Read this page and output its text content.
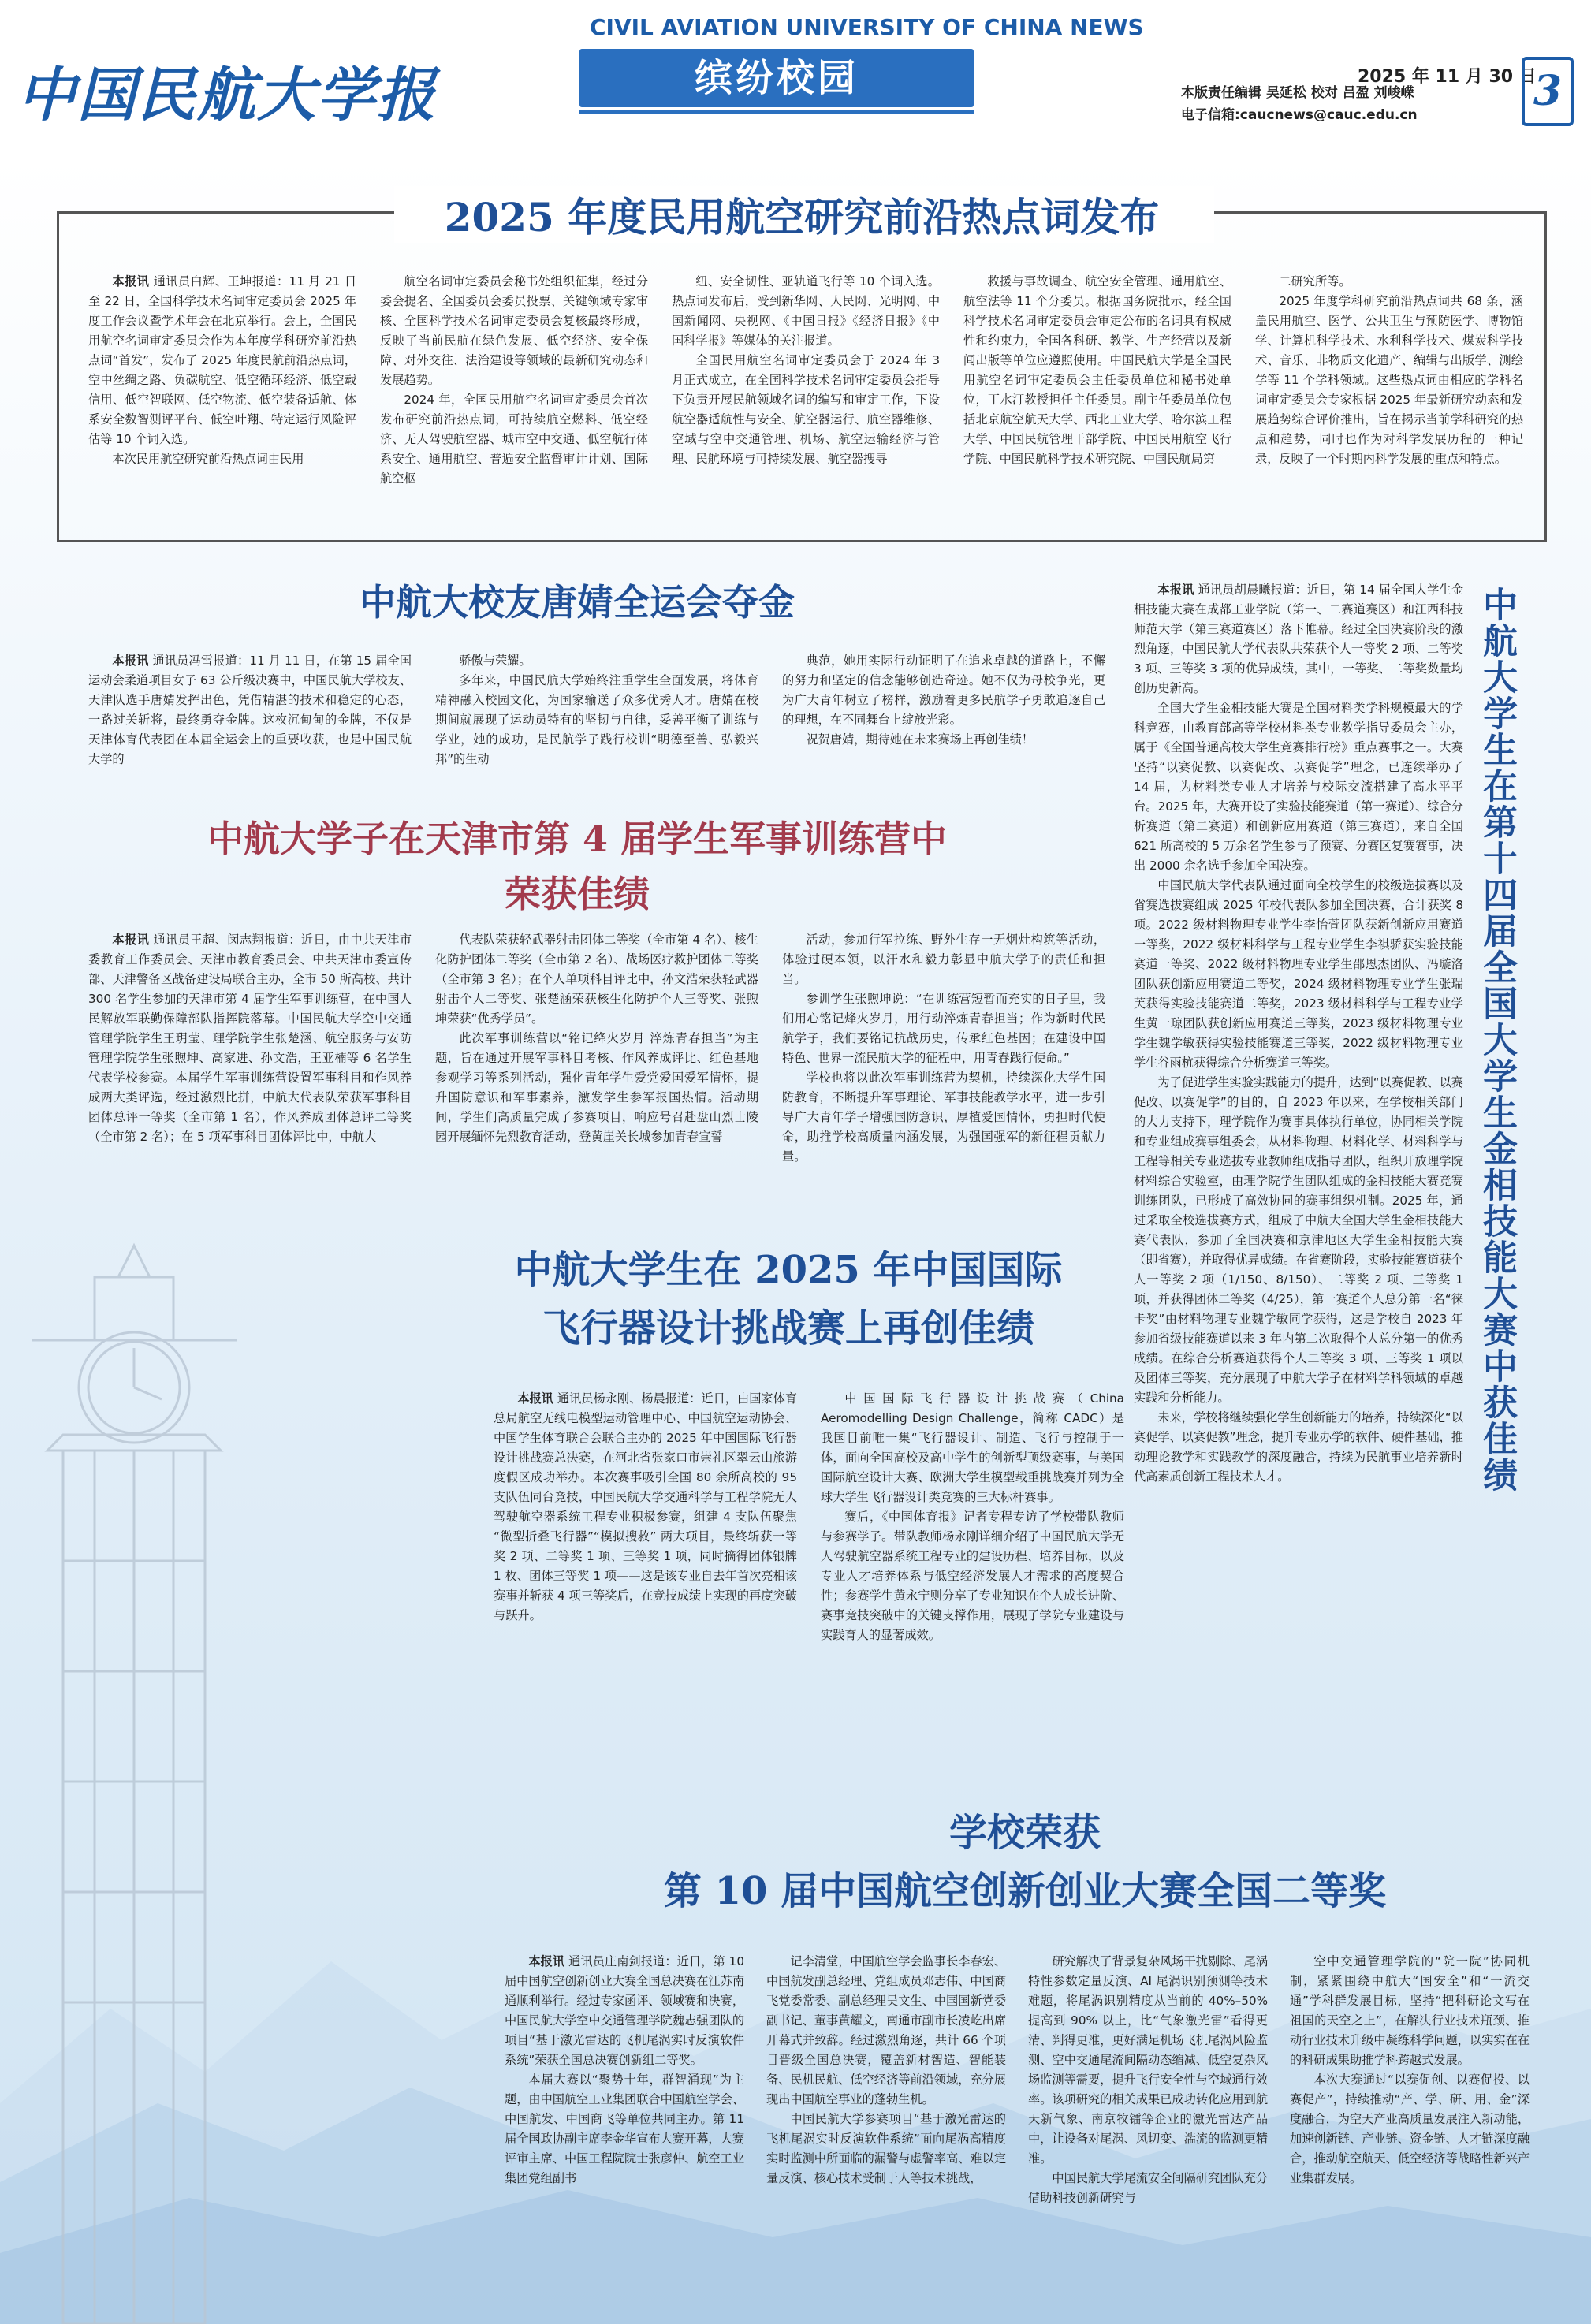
中国民航大学报
CIVIL AVIATION UNIVERSITY OF CHINA NEWS
缤纷校园	2025 年 11 月 30 日
本版责任编辑 吴延松 校对 吕盈 刘峻嵘
电子信箱:caucnews@cauc.edu.cn	3
2025 年度民用航空研究前沿热点词发布

本报讯 通讯员白辉、王坤报道：11 月 21 日至 22 日，全国科学技术名词审定委员会 2025 年度工作会议暨学术年会在北京举行。会上，全国民用航空名词审定委员会作为本年度学科研究前沿热点词“首发”，发布了 2025 年度民航前沿热点词，空中丝绸之路、负碳航空、低空循环经济、低空载信用、低空智联网、低空物流、低空装备适航、体系安全数智测评平台、低空叶翔、特定运行风险评估等 10 个词入选。

本次民用航空研究前沿热点词由民用

航空名词审定委员会秘书处组织征集，经过分委会提名、全国委员会委员投票、关键领域专家审核、全国科学技术名词审定委员会复核最终形成，反映了当前民航在绿色发展、低空经济、安全保障、对外交往、法治建设等领域的最新研究动态和发展趋势。

2024 年，全国民用航空名词审定委员会首次发布研究前沿热点词，可持续航空燃料、低空经济、无人驾驶航空器、城市空中交通、低空航行体系安全、通用航空、普遍安全监督审计计划、国际航空枢

纽、安全韧性、亚轨道飞行等 10 个词入选。热点词发布后，受到新华网、人民网、光明网、中国新闻网、央视网、《中国日报》《经济日报》《中国科学报》等媒体的关注报道。

全国民用航空名词审定委员会于 2024 年 3 月正式成立，在全国科学技术名词审定委员会指导下负责开展民航领域名词的编写和审定工作，下设航空器适航性与安全、航空器运行、航空器维修、空域与空中交通管理、机场、航空运输经济与管理、民航环境与可持续发展、航空器搜寻

救援与事故调查、航空安全管理、通用航空、航空法等 11 个分委员。根据国务院批示，经全国科学技术名词审定委员会审定公布的名词具有权威性和约束力，全国各科研、教学、生产经营以及新闻出版等单位应遵照使用。中国民航大学是全国民用航空名词审定委员会主任委员单位和秘书处单位，丁水汀教授担任主任委员。副主任委员单位包括北京航空航天大学、西北工业大学、哈尔滨工程大学、中国民航管理干部学院、中国民用航空飞行学院、中国民航科学技术研究院、中国民航局第

二研究所等。

2025 年度学科研究前沿热点词共 68 条，涵盖民用航空、医学、公共卫生与预防医学、博物馆学、计算机科学技术、水利科学技术、煤炭科学技术、音乐、非物质文化遗产、编辑与出版学、测绘学等 11 个学科领域。这些热点词由相应的学科名词审定委员会专家根据 2025 年最新研究动态和发展趋势综合评价推出，旨在揭示当前学科研究的热点和趋势，同时也作为对科学发展历程的一种记录，反映了一个时期内科学发展的重点和特点。

中航大校友唐婧全运会夺金

本报讯 通讯员冯雪报道：11 月 11 日，在第 15 届全国运动会柔道项目女子 63 公斤级决赛中，中国民航大学校友、天津队选手唐婧发挥出色，凭借精湛的技术和稳定的心态，一路过关斩将，最终勇夺金牌。这枚沉甸甸的金牌，不仅是天津体育代表团在本届全运会上的重要收获，也是中国民航大学的

骄傲与荣耀。

多年来，中国民航大学始终注重学生全面发展，将体育精神融入校园文化，为国家输送了众多优秀人才。唐婧在校期间就展现了运动员特有的坚韧与自律，妥善平衡了训练与学业，她的成功，是民航学子践行校训“明德至善、弘毅兴邦”的生动

典范，她用实际行动证明了在追求卓越的道路上，不懈的努力和坚定的信念能够创造奇迹。她不仅为母校争光，更为广大青年树立了榜样，激励着更多民航学子勇敢追逐自己的理想，在不同舞台上绽放光彩。

祝贺唐婧，期待她在未来赛场上再创佳绩！

中航大学子在天津市第 4 届学生军事训练营中
荣获佳绩

本报讯 通讯员王超、闵志翔报道：近日，由中共天津市委教育工作委员会、天津市教育委员会、中共天津市委宣传部、天津警备区战备建设局联合主办，全市 50 所高校、共计 300 名学生参加的天津市第 4 届学生军事训练营，在中国人民解放军联勤保障部队指挥院落幕。中国民航大学空中交通管理学院学生王玥莹、理学院学生张楚涵、航空服务与安防管理学院学生张煦坤、高家进、孙文浩，王亚楠等 6 名学生代表学校参赛。本届学生军事训练营设置军事科目和作风养成两大类评选，经过激烈比拼，中航大代表队荣获军事科目团体总评一等奖（全市第 1 名），作风养成团体总评二等奖（全市第 2 名）；在 5 项军事科目团体评比中，中航大

代表队荣获轻武器射击团体二等奖（全市第 4 名）、核生化防护团体二等奖（全市第 2 名）、战场医疗救护团体二等奖（全市第 3 名）；在个人单项科目评比中，孙文浩荣获轻武器射击个人二等奖、张楚涵荣获核生化防护个人三等奖、张煦坤荣获“优秀学员”。

此次军事训练营以“铭记绛火岁月 淬炼青春担当”为主题，旨在通过开展军事科目考核、作风养成评比、红色基地参观学习等系列活动，强化青年学生爱党爱国爱军情怀，提升国防意识和军事素养，激发学生参军报国热情。活动期间，学生们高质量完成了参赛项目，响应号召赴盘山烈士陵园开展缅怀先烈教育活动，登黄崖关长城参加青春宣誓

活动，参加行军拉练、野外生存一无烟灶构筑等活动，体验过硬本领，以汗水和毅力彰显中航大学子的责任和担当。

参训学生张煦坤说：“在训练营短暂而充实的日子里，我们用心铭记烽火岁月，用行动淬炼青春担当；作为新时代民航学子，我们要铭记抗战历史，传承红色基因；在建设中国特色、世界一流民航大学的征程中，用青春践行使命。”

学校也将以此次军事训练营为契机，持续深化大学生国防教育，不断提升军事理论、军事技能教学水平，进一步引导广大青年学子增强国防意识，厚植爱国情怀，勇担时代使命，助推学校高质量内涵发展，为强国强军的新征程贡献力量。

中航大学生在 2025 年中国国际
飞行器设计挑战赛上再创佳绩

本报讯 通讯员杨永刚、杨晨报道：近日，由国家体育总局航空无线电模型运动管理中心、中国航空运动协会、中国学生体育联合会联合主办的 2025 年中国国际飞行器设计挑战赛总决赛，在河北省张家口市崇礼区翠云山旅游度假区成功举办。本次赛事吸引全国 80 余所高校的 95 支队伍同台竞技，中国民航大学交通科学与工程学院无人驾驶航空器系统工程专业积极参赛，组建 4 支队伍聚焦 “微型折叠飞行器”“模拟搜救” 两大项目，最终斩获一等奖 2 项、二等奖 1 项、三等奖 1 项，同时摘得团体银牌 1 枚、团体三等奖 1 项——这是该专业自去年首次亮相该赛事并斩获 4 项三等奖后，在竞技成绩上实现的再度突破与跃升。

中国国际飞行器设计挑战赛（China Aeromodelling Design Challenge，简称 CADC）是我国目前唯一集“飞行器设计、制造、飞行与控制于一体，面向全国高校及高中学生的创新型顶级赛事，与美国国际航空设计大赛、欧洲大学生模型载重挑战赛并列为全球大学生飞行器设计类竞赛的三大标杆赛事。

赛后，《中国体育报》记者专程专访了学校带队教师与参赛学子。带队教师杨永刚详细介绍了中国民航大学无人驾驶航空器系统工程专业的建设历程、培养目标，以及专业人才培养体系与低空经济发展人才需求的高度契合性；参赛学生黄永宁则分享了专业知识在个人成长进阶、赛事竞技突破中的关键支撑作用，展现了学院专业建设与实践育人的显著成效。

本报讯 通讯员胡晨曦报道：近日，第 14 届全国大学生金相技能大赛在成都工业学院（第一、二赛道赛区）和江西科技师范大学（第三赛道赛区）落下帷幕。经过全国决赛阶段的激烈角逐，中国民航大学代表队共荣获个人一等奖 2 项、二等奖 3 项、三等奖 3 项的优异成绩，其中，一等奖、二等奖数量均创历史新高。

全国大学生金相技能大赛是全国材料类学科规模最大的学科竞赛，由教育部高等学校材料类专业教学指导委员会主办，属于《全国普通高校大学生竞赛排行榜》重点赛事之一。大赛坚持“以赛促教、以赛促改、以赛促学”理念，已连续举办了 14 届，为材料类专业人才培养与校际交流搭建了高水平平台。2025 年，大赛开设了实验技能赛道（第一赛道）、综合分析赛道（第二赛道）和创新应用赛道（第三赛道），来自全国 621 所高校的 5 万余名学生参与了预赛、分赛区复赛赛事，决出 2000 余名选手参加全国决赛。

中国民航大学代表队通过面向全校学生的校级选拔赛以及省赛选拔赛组成 2025 年校代表队参加全国决赛，合计获奖 8 项。2022 级材料物理专业学生李怡萱团队获新创新应用赛道一等奖，2022 级材料科学与工程专业学生李祺骄获实验技能赛道一等奖、2022 级材料物理专业学生邵恩杰团队、冯璇洛团队获创新应用赛道二等奖，2024 级材料物理专业学生张瑞芙获得实验技能赛道二等奖，2023 级材料科学与工程专业学生黄一琼团队获创新应用赛道三等奖，2023 级材料物理专业学生魏学敏获得实验技能赛道三等奖，2022 级材料物理专业学生谷雨杭获得综合分析赛道三等奖。

为了促进学生实验实践能力的提升，达到“以赛促教、以赛促改、以赛促学”的目的，自 2023 年以来，在学校相关部门的大力支持下，理学院作为赛事具体执行单位，协同相关学院和专业组成赛事组委会，从材料物理、材料化学、材料科学与工程等相关专业选拔专业教师组成指导团队，组织开放理学院材料综合实验室，由理学院学生团队组成的金相技能大赛竞赛训练团队，已形成了高效协同的赛事组织机制。2025 年，通过采取全校选拔赛方式，组成了中航大全国大学生金相技能大赛代表队，参加了全国决赛和京津地区大学生金相技能大赛（即省赛），并取得优异成绩。在省赛阶段，实验技能赛道获个人一等奖 2 项（1/150、8/150）、二等奖 2 项、三等奖 1 项，并获得团体二等奖（4/25），第一赛道个人总分第一名“徕卡奖”由材料物理专业魏学敏同学获得，这是学校自 2023 年参加省级技能赛道以来 3 年内第二次取得个人总分第一的优秀成绩。在综合分析赛道获得个人二等奖 3 项、三等奖 1 项以及团体三等奖，充分展现了中航大学子在材料学科领域的卓越实践和分析能力。

未来，学校将继续强化学生创新能力的培养，持续深化“以赛促学、以赛促教”理念，提升专业办学的软件、硬件基础，推动理论教学和实践教学的深度融合，持续为民航事业培养新时代高素质创新工程技术人才。	中航大学生在第十四届全国大学生金相技能大赛中获佳绩
学校荣获
第 10 届中国航空创新创业大赛全国二等奖

本报讯 通讯员庄南剑报道：近日，第 10 届中国航空创新创业大赛全国总决赛在江苏南通顺利举行。经过专家函评、领域赛和决赛，中国民航大学空中交通管理学院魏志强团队的项目“基于激光雷达的飞机尾涡实时反演软件系统”荣获全国总决赛创新组二等奖。

本届大赛以“聚势十年，群智涌现”为主题，由中国航空工业集团联合中国航空学会、中国航发、中国商飞等单位共同主办。第 11 届全国政协副主席李金华宣布大赛开幕，大赛评审主席、中国工程院院士张彦仲、航空工业集团党组副书

记李清堂，中国航空学会监事长李春宏、中国航发副总经理、党组成员邓志伟、中国商飞党委常委、副总经理吴文生、中国国新党委副书记、董事黄耀文，南通市副市长凌屹出席开幕式并致辞。经过激烈角逐，共计 66 个项目晋级全国总决赛，覆盖新材智造、智能装备、民机民航、低空经济等前沿领域，充分展现出中国航空事业的蓬勃生机。

中国民航大学参赛项目“基于激光雷达的飞机尾涡实时反演软件系统”面向尾涡高精度实时监测中所面临的漏警与虚警率高、难以定量反演、核心技术受制于人等技术挑战，

研究解决了背景复杂风场干扰剔除、尾涡特性参数定量反演、AI 尾涡识别预测等技术难题，将尾涡识别精度从当前的 40%–50% 提高到 90% 以上，比“气象激光雷”看得更清、判得更准，更好满足机场飞机尾涡风险监测、空中交通尾流间隔动态缩减、低空复杂风场监测等需要，提升飞行安全性与空域通行效率。该项研究的相关成果已成功转化应用到航天新气象、南京牧镭等企业的激光雷达产品中，让设备对尾涡、风切变、湍流的监测更精准。

中国民航大学尾流安全间隔研究团队充分借助科技创新研究与

空中交通管理学院的“院一院”协同机制，紧紧围绕中航大“国安全”和“一流交通”学科群发展目标，坚持“把科研论文写在祖国的天空之上”，在解决行业技术瓶颈、推动行业技术升级中凝练科学问题，以实实在在的科研成果助推学科跨越式发展。

本次大赛通过“以赛促创、以赛促投、以赛促产”，持续推动“产、学、研、用、金”深度融合，为空天产业高质量发展注入新动能，加速创新链、产业链、资金链、人才链深度融合，推动航空航天、低空经济等战略性新兴产业集群发展。
